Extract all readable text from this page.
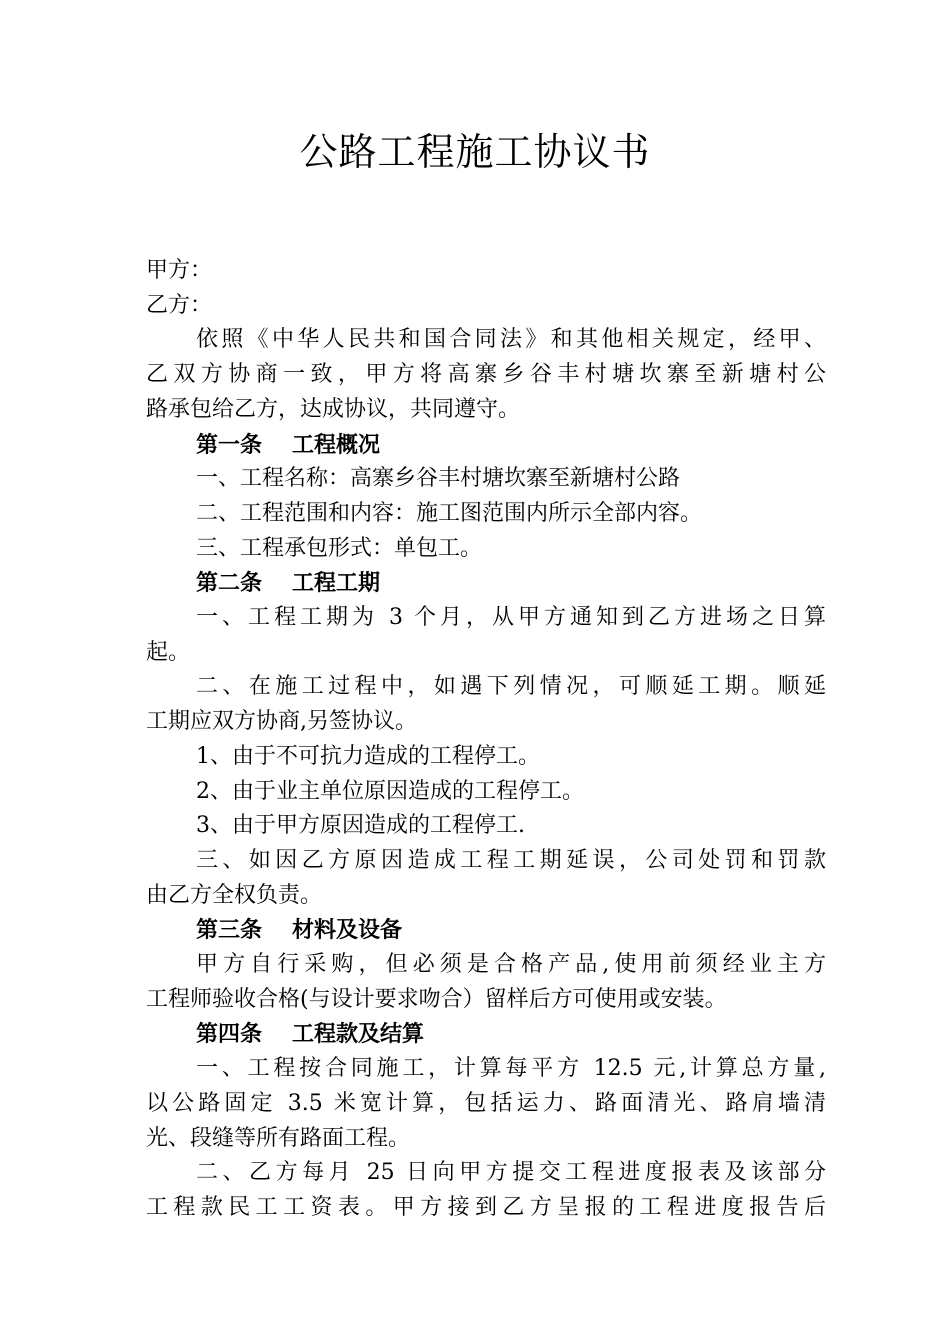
公路工程施工协议书

甲方：

乙方：

依照《中华人民共和国合同法》和其他相关规定，经甲、

乙双方协商一致，甲方将高寨乡谷丰村塘坎寨至新塘村公

路承包给乙方，达成协议，共同遵守。

第一条 工程概况

一、工程名称：高寨乡谷丰村塘坎寨至新塘村公路

二、工程范围和内容：施工图范围内所示全部内容。

三、工程承包形式：单包工。

第二条 工程工期

一、工程工期为 3 个月，从甲方通知到乙方进场之日算

起。

二、在施工过程中，如遇下列情况，可顺延工期。顺延

工期应双方协商,另签协议。

1、由于不可抗力造成的工程停工。

2、由于业主单位原因造成的工程停工。

3、由于甲方原因造成的工程停工.

三、如因乙方原因造成工程工期延误，公司处罚和罚款

由乙方全权负责。

第三条 材料及设备

甲方自行采购，但必须是合格产品,使用前须经业主方

工程师验收合格(与设计要求吻合）留样后方可使用或安装。

第四条 工程款及结算

一、工程按合同施工，计算每平方 12.5 元,计算总方量,

以公路固定 3.5 米宽计算，包括运力、路面清光、路肩墙清

光、段缝等所有路面工程。

二、乙方每月 25 日向甲方提交工程进度报表及该部分

工程款民工工资表。甲方接到乙方呈报的工程进度报告后
